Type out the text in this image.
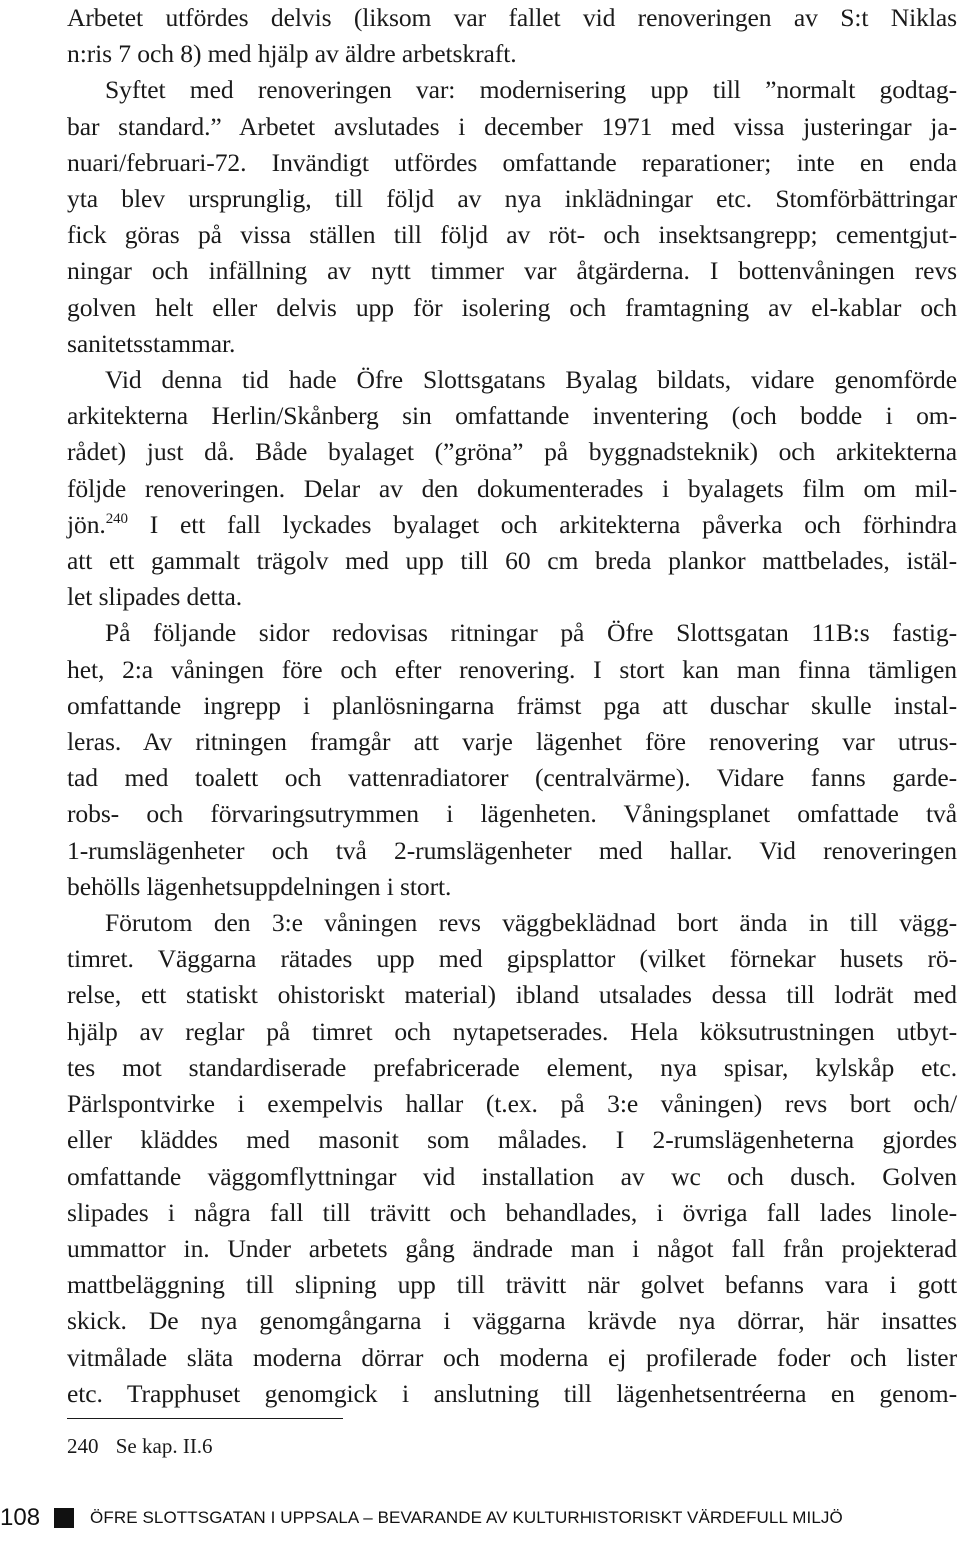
Arbetet utfördes delvis (liksom var fallet vid renoveringen av S:t Niklas
n:ris 7 och 8) med hjälp av äldre arbetskraft.

Syftet med renoveringen var: modernisering upp till ”normalt godtag-
bar standard.” Arbetet avslutades i december 1971 med vissa justeringar ja-
nuari/februari-72. Invändigt utfördes omfattande reparationer; inte en enda
yta blev ursprunglig, till följd av nya inklädningar etc. Stomförbättringar
fick göras på vissa ställen till följd av röt- och insektsangrepp; cementgjut-
ningar och infällning av nytt timmer var åtgärderna. I bottenvåningen revs
golven helt eller delvis upp för isolering och framtagning av el-kablar och
sanitetsstammar.

Vid denna tid hade Öfre Slottsgatans Byalag bildats, vidare genomförde
arkitekterna Herlin/Skånberg sin omfattande inventering (och bodde i om-
rådet) just då. Både byalaget (”gröna” på byggnadsteknik) och arkitekterna
följde renoveringen. Delar av den dokumenterades i byalagets film om mil-
jön.$^{240}$ I ett fall lyckades byalaget och arkitekterna påverka och förhindra
att ett gammalt trägolv med upp till 60 cm breda plankor mattbelades, istäl-
let slipades detta.

På följande sidor redovisas ritningar på Öfre Slottsgatan 11B:s fastig-
het, 2:a våningen före och efter renovering. I stort kan man finna tämligen
omfattande ingrepp i planlösningarna främst pga att duschar skulle instal-
leras. Av ritningen framgår att varje lägenhet före renovering var utrus-
tad med toalett och vattenradiatorer (centralvärme). Vidare fanns garde-
robs- och förvaringsutrymmen i lägenheten. Våningsplanet omfattade två
1-rumslägenheter och två 2-rumslägenheter med hallar. Vid renoveringen
behölls lägenhetsuppdelningen i stort.

Förutom den 3:e våningen revs väggbeklädnad bort ända in till vägg-
timret. Väggarna rätades upp med gipsplattor (vilket förnekar husets rö-
relse, ett statiskt ohistoriskt material) ibland utsalades dessa till lodrät med
hjälp av reglar på timret och nytapetserades. Hela köksutrustningen utbyt-
tes mot standardiserade prefabricerade element, nya spisar, kylskåp etc.
Pärlspontvirke i exempelvis hallar (t.ex. på 3:e våningen) revs bort och/
eller kläddes med masonit som målades. I 2-rumslägenheterna gjordes
omfattande väggomflyttningar vid installation av wc och dusch. Golven
slipades i några fall till trävitt och behandlades, i övriga fall lades linole-
ummattor in. Under arbetets gång ändrade man i något fall från projekterad
mattbeläggning till slipning upp till trävitt när golvet befanns vara i gott
skick. De nya genomgångarna i väggarna krävde nya dörrar, här insattes
vitmålade släta moderna dörrar och moderna ej profilerade foder och lister
etc. Trapphuset genomgick i anslutning till lägenhetsentréerna en genom-

240 Se kap. II.6
108	ÖFRE SLOTTSGATAN I UPPSALA – BEVARANDE AV KULTURHISTORISKT VÄRDEFULL MILJÖ
